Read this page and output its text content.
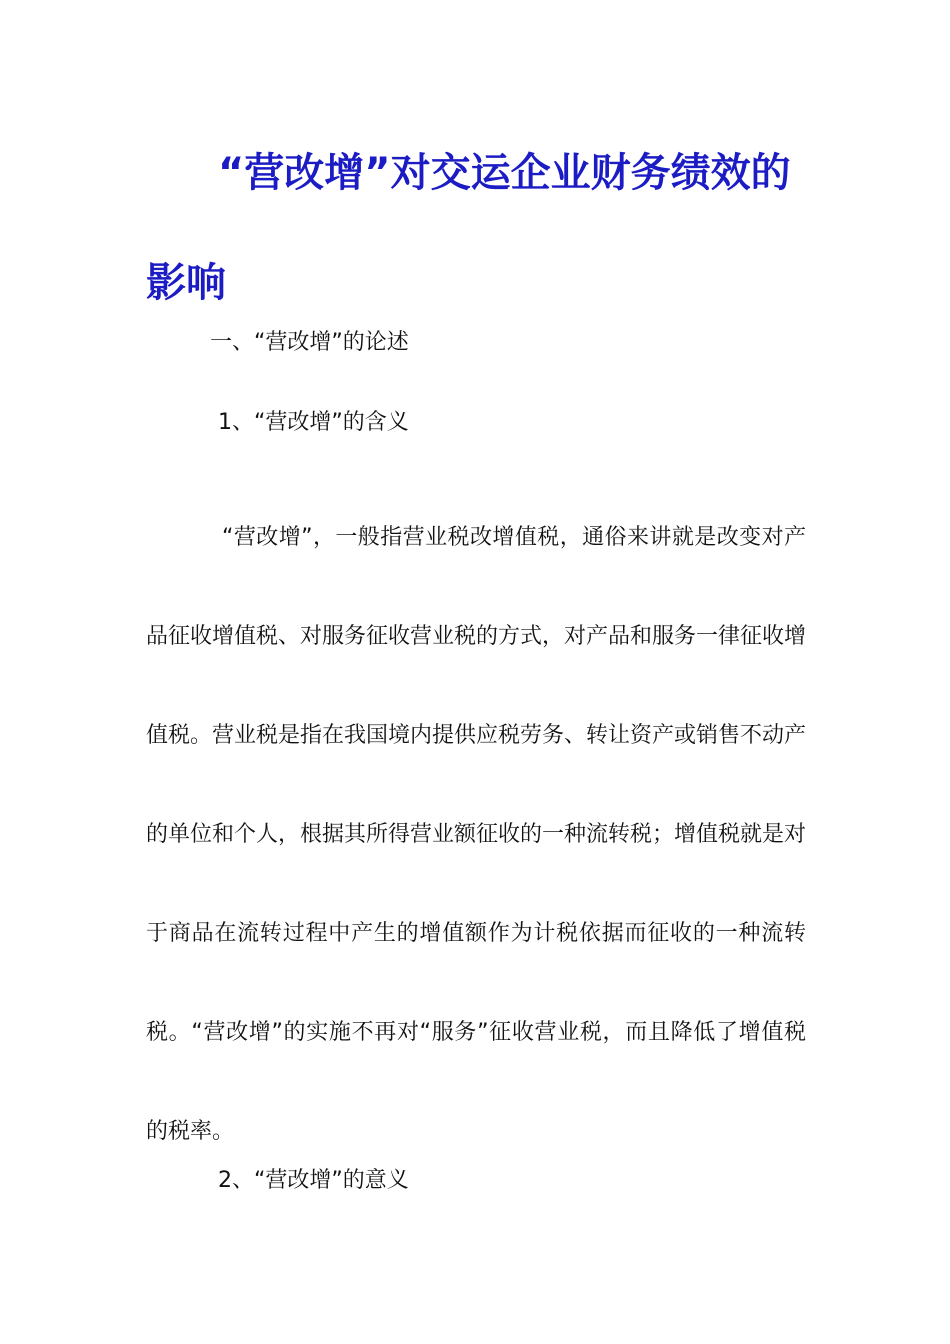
“营改增”对交运企业财务绩效的影响

一、“营改增”的论述

1、“营改增”的含义

“营改增”，一般指营业税改增值税，通俗来讲就是改变对产品征收增值税、对服务征收营业税的方式，对产品和服务一律征收增值税。营业税是指在我国境内提供应税劳务、转让资产或销售不动产的单位和个人，根据其所得营业额征收的一种流转税；增值税就是对于商品在流转过程中产生的增值额作为计税依据而征收的一种流转税。“营改增”的实施不再对“服务”征收营业税，而且降低了增值税的税率。

2、“营改增”的意义
